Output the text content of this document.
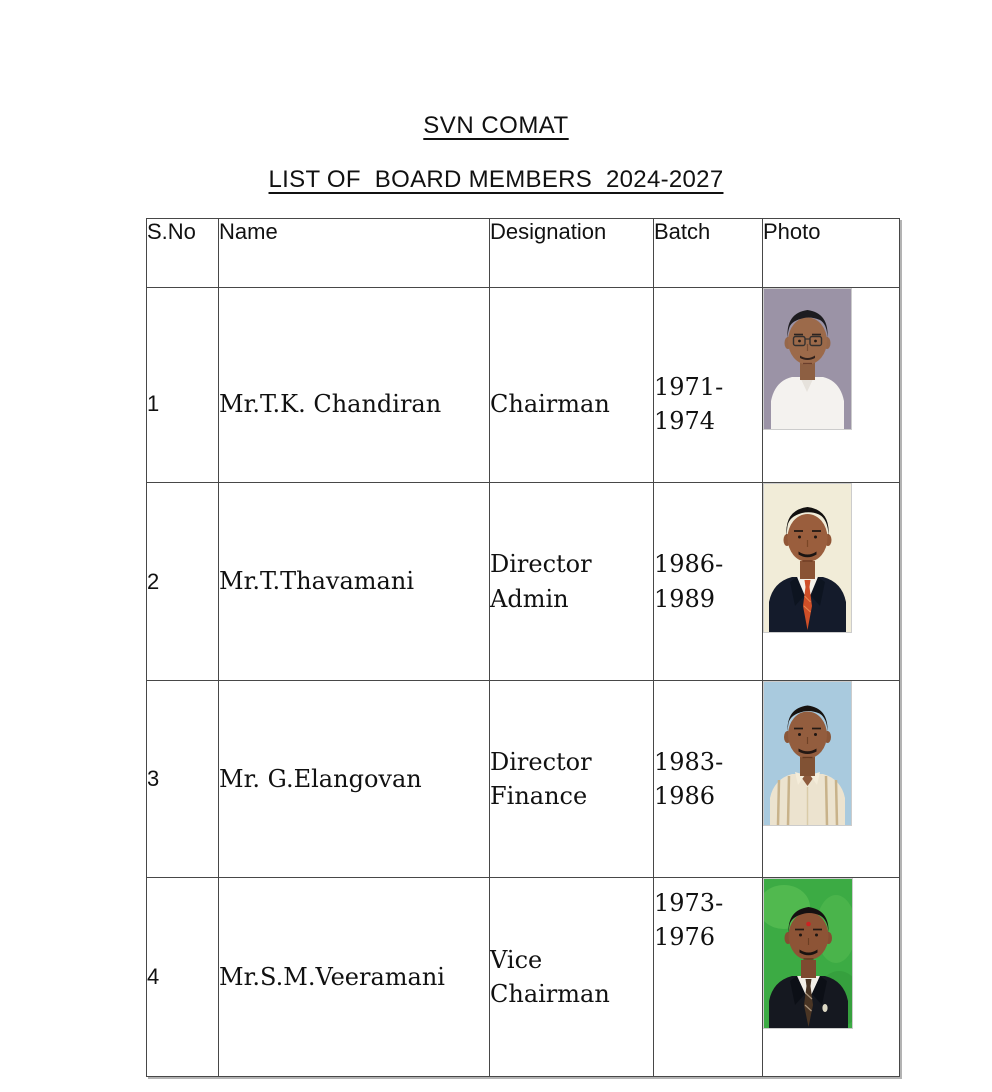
SVN COMAT
LIST OF  BOARD MEMBERS  2024-2027
S.No	Name	Designation	Batch	Photo
1	Mr.T.K. Chandiran	Chairman	1971-1974	

2	Mr.T.Thavamani	Director Admin	1986-1989	

3	Mr. G.Elangovan	Director Finance	1983-1986	

4	Mr.S.M.Veeramani	Vice Chairman	1973-1976	
